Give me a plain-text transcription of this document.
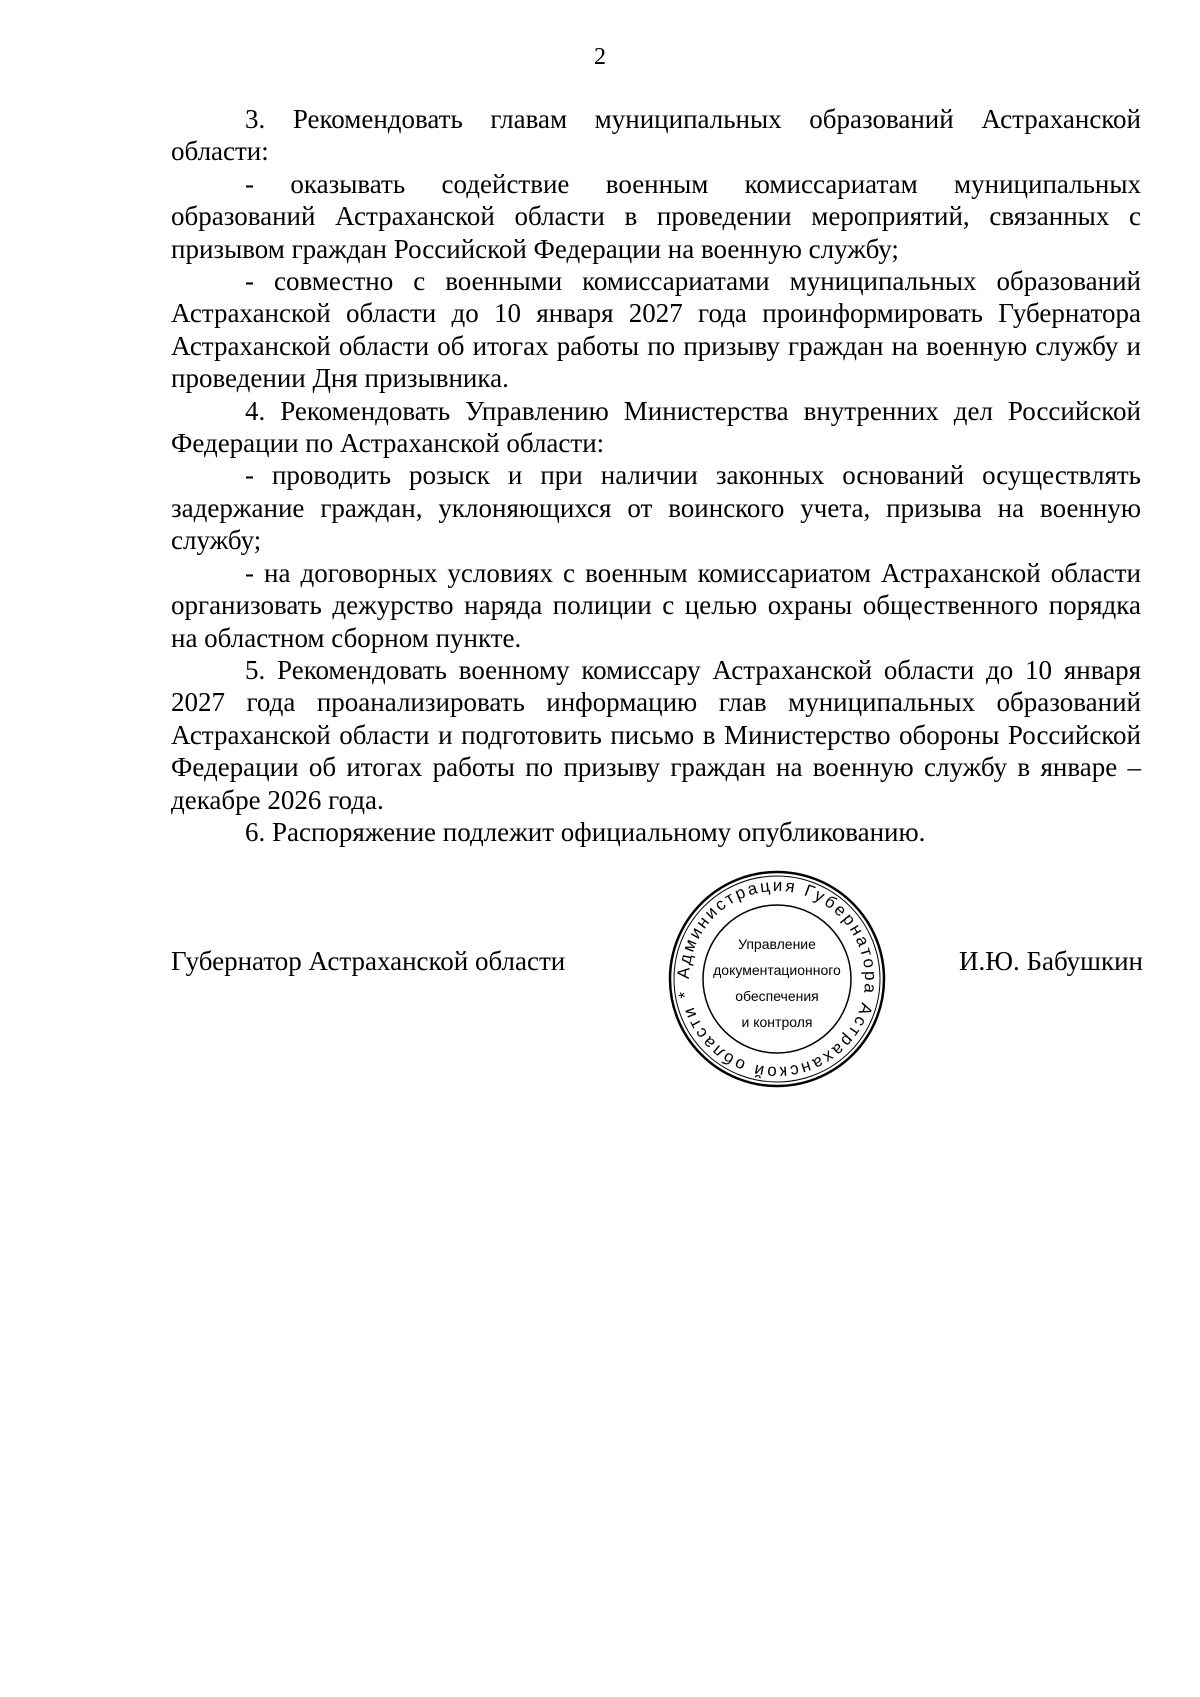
2

3. Рекомендовать главам муниципальных образований Астраханской области:

- оказывать содействие военным комиссариатам муниципальных образований Астраханской области в проведении мероприятий, связанных с призывом граждан Российской Федерации на военную службу;

- совместно с военными комиссариатами муниципальных образований Астраханской области до 10 января 2027 года проинформировать Губернатора Астраханской области об итогах работы по призыву граждан на военную службу и проведении Дня призывника.

4. Рекомендовать Управлению Министерства внутренних дел Российской Федерации по Астраханской области:

- проводить розыск и при наличии законных оснований осуществлять задержание граждан, уклоняющихся от воинского учета, призыва на военную службу;

- на договорных условиях с военным комиссариатом Астраханской области организовать дежурство наряда полиции с целью охраны общественного порядка на областном сборном пункте.

5. Рекомендовать военному комиссару Астраханской области до 10 января 2027 года проанализировать информацию глав муниципальных образований Астраханской области и подготовить письмо в Министерство обороны Российской Федерации об итогах работы по призыву граждан на военную службу в январе – декабре 2026 года.

6. Распоряжение подлежит официальному опубликованию.

Губернатор Астраханской области	И.Ю. Бабушкин
Администрация Губернатора Астраханской области *
Управление
документационного
обеспечения
и контроля
